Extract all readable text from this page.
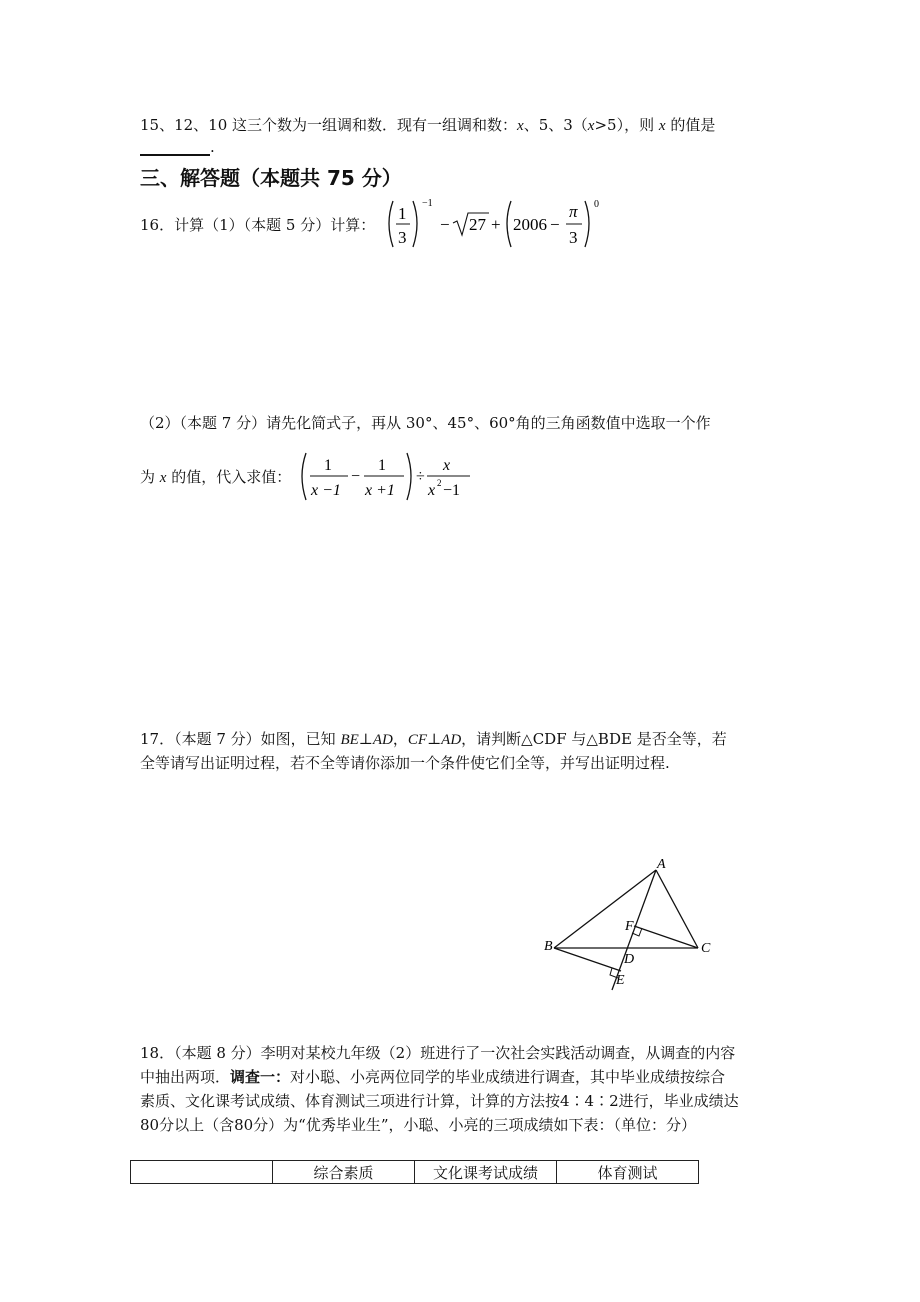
15、12、10 这三个数为一组调和数．现有一组调和数：x、5、3（x>5），则 x 的值是
.
三、解答题（本题共 75 分）
16．计算（1）（本题 5 分）计算：
1
3
−1
− 27 + 2006 −
π
3
0
（2）（本题 7 分）请先化简式子，再从 30°、45°、60°角的三角函数值中选取一个作
为 x 的值，代入求值：
1
x −1
−
1
x +1
÷
x
x 2 −1
17．（本题 7 分）如图，已知 BE⊥AD，CF⊥AD，请判断△CDF 与△BDE 是否全等，若
全等请写出证明过程，若不全等请你添加一个条件使它们全等，并写出证明过程.
A
B	C
D
E
F
18．（本题 8 分）李明对某校九年级（2）班进行了一次社会实践活动调查，从调查的内容
中抽出两项．调查一：对小聪、小亮两位同学的毕业成绩进行调查，其中毕业成绩按综合
素质、文化课考试成绩、体育测试三项进行计算，计算的方法按4∶4∶2进行，毕业成绩达
80分以上（含80分）为“优秀毕业生”，小聪、小亮的三项成绩如下表：（单位：分）
	综合素质	文化课考试成绩	体育测试
